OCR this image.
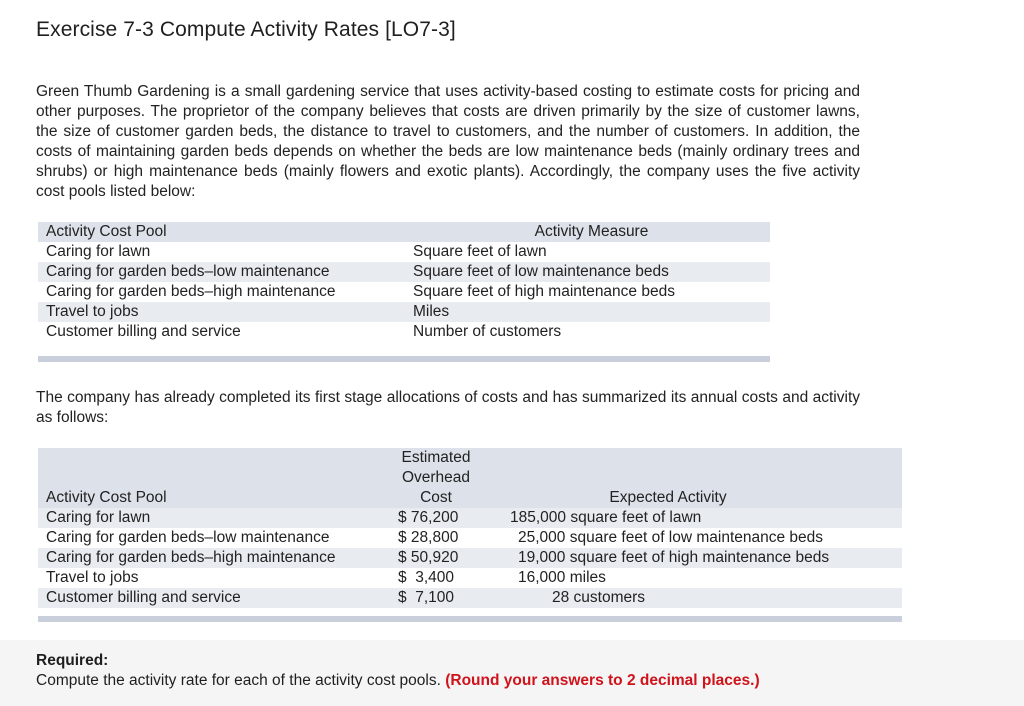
Exercise 7-3 Compute Activity Rates [LO7-3]

Green Thumb Gardening is a small gardening service that uses activity-based costing to estimate costs for pricing and other purposes. The proprietor of the company believes that costs are driven primarily by the size of customer lawns, the size of customer garden beds, the distance to travel to customers, and the number of customers. In addition, the costs of maintaining garden beds depends on whether the beds are low maintenance beds (mainly ordinary trees and shrubs) or high maintenance beds (mainly flowers and exotic plants). Accordingly, the company uses the five activity cost pools listed below:

Activity Cost Pool	Activity Measure
Caring for lawn	Square feet of lawn
Caring for garden beds–low maintenance	Square feet of low maintenance beds
Caring for garden beds–high maintenance	Square feet of high maintenance beds
Travel to jobs	Miles
Customer billing and service	Number of customers

The company has already completed its first stage allocations of costs and has summarized its annual costs and activity as follows:

Estimated
Overhead
Cost
Activity Cost Pool	Expected Activity
Caring for lawn	$ 76,200	185,000 square feet of lawn
Caring for garden beds–low maintenance	$ 28,800	25,000 square feet of low maintenance beds
Caring for garden beds–high maintenance	$ 50,920	19,000 square feet of high maintenance beds
Travel to jobs	$  3,400	16,000 miles
Customer billing and service	$  7,100	28 customers
Required:
Compute the activity rate for each of the activity cost pools. (Round your answers to 2 decimal places.)
